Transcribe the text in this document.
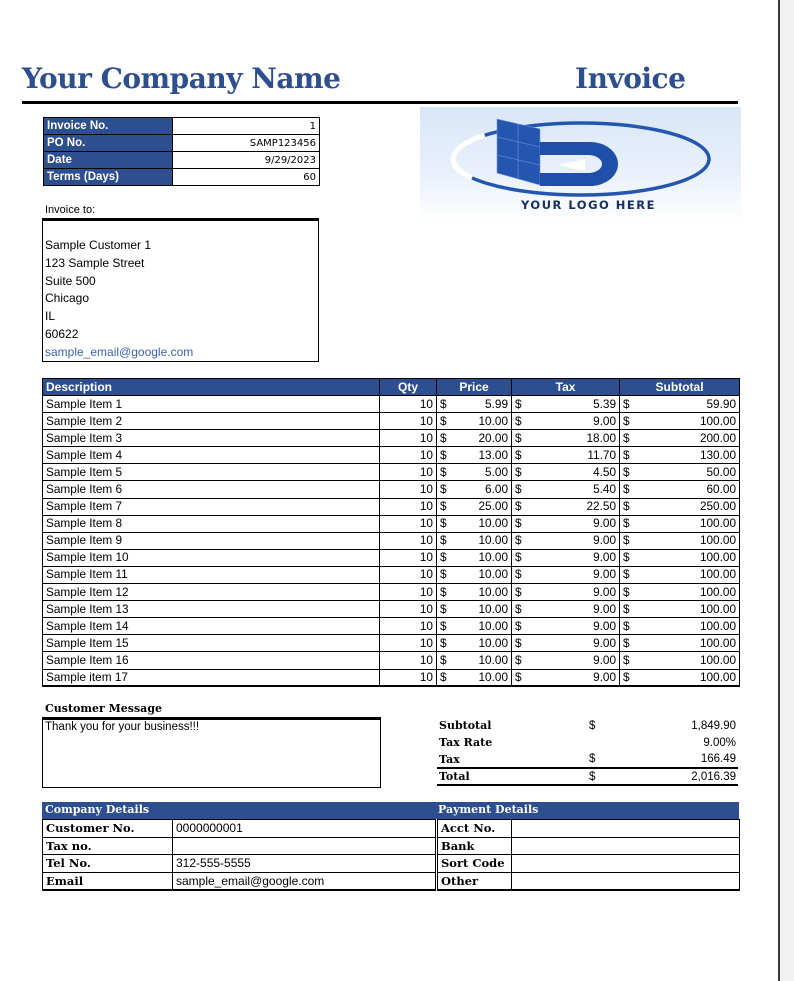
Your Company Name	Invoice
Invoice No.	1
PO No.	SAMP123456
Date	9/29/2023
Terms (Days)	60
YOUR LOGO HERE
Invoice to:
Sample Customer 1
123 Sample Street
Suite 500
Chicago
IL
60622
sample_email@google.com
Description	Qty	Price		Tax		Subtotal	
Sample Item 1	10	$	5.99	$	5.39	$	59.90
Sample Item 2	10	$	10.00	$	9.00	$	100.00
Sample Item 3	10	$	20.00	$	18.00	$	200.00
Sample Item 4	10	$	13.00	$	11.70	$	130.00
Sample Item 5	10	$	5.00	$	4.50	$	50.00
Sample Item 6	10	$	6.00	$	5.40	$	60.00
Sample Item 7	10	$	25.00	$	22.50	$	250.00
Sample Item 8	10	$	10.00	$	9.00	$	100.00
Sample Item 9	10	$	10.00	$	9.00	$	100.00
Sample Item 10	10	$	10.00	$	9.00	$	100.00
Sample Item 11	10	$	10.00	$	9.00	$	100.00
Sample Item 12	10	$	10.00	$	9.00	$	100.00
Sample Item 13	10	$	10.00	$	9.00	$	100.00
Sample Item 14	10	$	10.00	$	9.00	$	100.00
Sample Item 15	10	$	10.00	$	9.00	$	100.00
Sample Item 16	10	$	10.00	$	9.00	$	100.00
Sample item 17	10	$	10.00	$	9.00	$	100.00
Customer Message
Thank you for your business!!!	Subtotal	$	1,849.90
Tax Rate		9.00%
Tax	$	166.49
Total	$	2,016.39
Company Details	Payment Details
Customer No.	0000000001		Acct No.	
Tax no.			Bank	
Tel No.	312-555-5555		Sort Code	
Email	sample_email@google.com		Other	
